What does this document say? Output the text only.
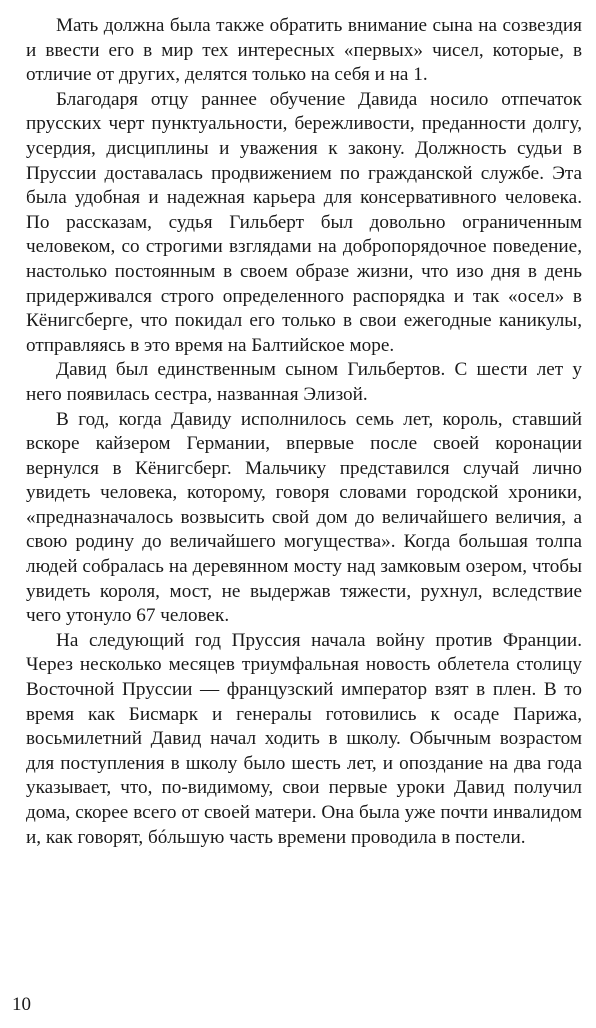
Мать должна была также обратить внимание сына на созвездия и ввести его в мир тех интересных «первых» чисел, которые, в отличие от других, делятся только на себя и на 1.

Благодаря отцу раннее обучение Давида носило отпечаток прусских черт пунктуальности, бережливости, преданности долгу, усердия, дисциплины и уважения к закону. Должность судьи в Пруссии доставалась продвижением по гражданской службе. Эта была удобная и надежная карьера для консервативного человека. По рассказам, судья Гильберт был довольно ограниченным человеком, со строгими взглядами на добропорядочное поведение, настолько постоянным в своем образе жизни, что изо дня в день придерживался строго определенного распорядка и так «осел» в Кёнигсберге, что покидал его только в свои ежегодные каникулы, отправляясь в это время на Балтийское море.

Давид был единственным сыном Гильбертов. С шести лет у него появилась сестра, названная Элизой.

В год, когда Давиду исполнилось семь лет, король, ставший вскоре кайзером Германии, впервые после своей коронации вернулся в Кёнигсберг. Мальчику представился случай лично увидеть человека, которому, говоря словами городской хроники, «предназначалось возвысить свой дом до величайшего величия, а свою родину до величайшего могущества». Когда большая толпа людей собралась на деревянном мосту над замковым озером, чтобы увидеть короля, мост, не выдержав тяжести, рухнул, вследствие чего утонуло 67 человек.

На следующий год Пруссия начала войну против Франции. Через несколько месяцев триумфальная новость облетела столицу Восточной Пруссии — французский император взят в плен. В то время как Бисмарк и генералы готовились к осаде Парижа, восьмилетний Давид начал ходить в школу. Обычным возрастом для поступления в школу было шесть лет, и опоздание на два года указывает, что, по-видимому, свои первые уроки Давид получил дома, скорее всего от своей матери. Она была уже почти инвалидом и, как говорят, бóльшую часть времени проводила в постели.

10
